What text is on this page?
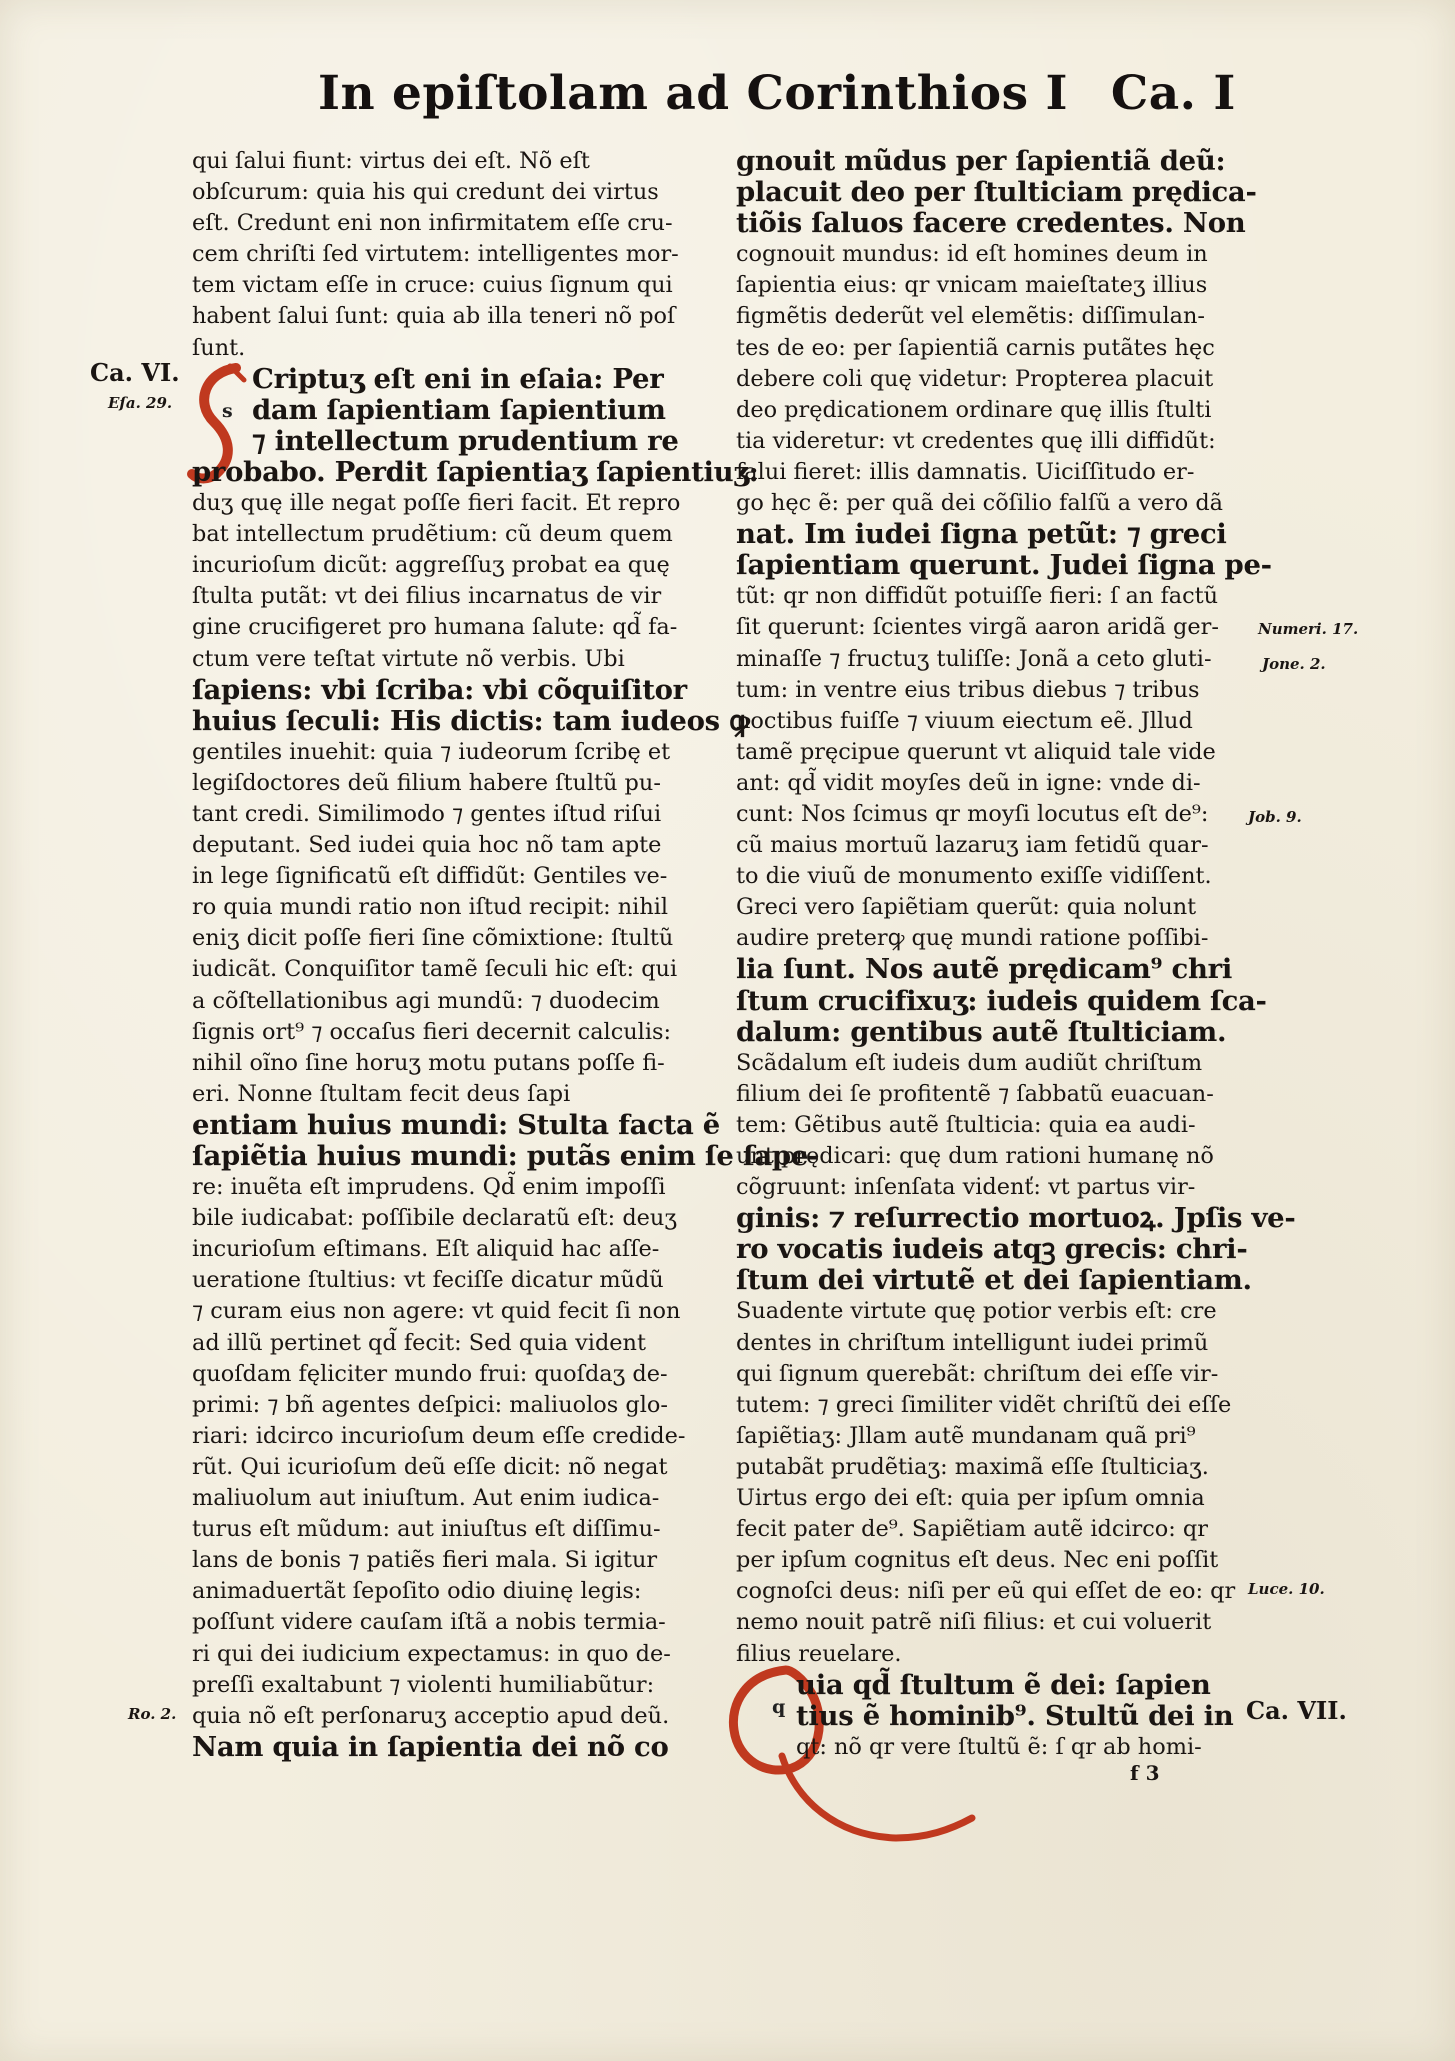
In epiſtolam ad Corinthios I Ca. I
s
q
qui ſalui fiunt: virtus dei eſt. Nõ eſt
obſcurum: quia his qui credunt dei virtus
eſt. Credunt eni non infirmitatem eſſe cru-
cem chriſti ſed virtutem: intelligentes mor-
tem victam eſſe in cruce: cuius ſignum qui
habent ſalui ſunt: quia ab illa teneri nõ poſ
ſunt.
Criptuʒ eſt eni in eſaia: Per
dam ſapientiam ſapientium
⁊ intellectum prudentium re
probabo. Perdit ſapientiaʒ ſapientiuʒ:
duʒ quę ille negat poſſe fieri facit. Et repro
bat intellectum prudẽtium: cũ deum quem
incurioſum dicũt: aggreſſuʒ probat ea quę
ſtulta putãt: vt dei filius incarnatus de vir
gine crucifigeret pro humana ſalute: qd̃ fa-
ctum vere teſtat virtute nõ verbis. Ubi
ſapiens: vbi ſcriba: vbi cõquiſitor
huius ſeculi: His dictis: tam iudeos ꝙ
gentiles inuehit: quia ⁊ iudeorum ſcribę et
legiſdoctores deũ filium habere ſtultũ pu-
tant credi. Similimodo ⁊ gentes iſtud riſui
deputant. Sed iudei quia hoc nõ tam apte
in lege ſignificatũ eſt diffidũt: Gentiles ve-
ro quia mundi ratio non iſtud recipit: nihil
eniʒ dicit poſſe fieri ſine cõmixtione: ſtultũ
iudicãt. Conquiſitor tamẽ ſeculi hic eſt: qui
a cõſtellationibus agi mundũ: ⁊ duodecim
ſignis ort⁹ ⁊ occaſus fieri decernit calculis:
nihil oĩno ſine horuʒ motu putans poſſe fi-
eri. Nonne ſtultam fecit deus ſapi
entiam huius mundi: Stulta facta ẽ
ſapiẽtia huius mundi: putãs enim ſe ſape-
re: inuẽta eſt imprudens. Qd̃ enim impoſſi
bile iudicabat: poſſibile declaratũ eſt: deuʒ
incurioſum eſtimans. Eſt aliquid hac aſſe-
ueratione ſtultius: vt feciſſe dicatur mũdũ
⁊ curam eius non agere: vt quid fecit ſi non
ad illũ pertinet qd̃ fecit: Sed quia vident
quoſdam fęliciter mundo frui: quoſdaʒ de-
primi: ⁊ bñ agentes deſpici: maliuolos glo-
riari: idcirco incurioſum deum eſſe credide-
rũt. Qui icurioſum deũ eſſe dicit: nõ negat
maliuolum aut iniuſtum. Aut enim iudica-
turus eſt mũdum: aut iniuſtus eſt diſſimu-
lans de bonis ⁊ patiẽs fieri mala. Si igitur
animaduertãt ſepoſito odio diuinę legis:
poſſunt videre cauſam iſtã a nobis termia-
ri qui dei iudicium expectamus: in quo de-
preſſi exaltabunt ⁊ violenti humiliabũtur:
quia nõ eſt perſonaruʒ acceptio apud deũ.
Nam quia in ſapientia dei nõ co
gnouit mũdus per ſapientiã deũ:
placuit deo per ſtulticiam prędica-
tiõis ſaluos facere credentes. Non
cognouit mundus: id eſt homines deum in
ſapientia eius: qr vnicam maieſtateʒ illius
figmẽtis dederũt vel elemẽtis: diſſimulan-
tes de eo: per ſapientiã carnis putãtes hęc
debere coli quę videtur: Propterea placuit
deo prędicationem ordinare quę illis ſtulti
tia videretur: vt credentes quę illi diffidũt:
ſalui fieret: illis damnatis. Uiciſſitudo er-
go hęc ẽ: per quã dei cõſilio falſũ a vero dã
nat. Im iudei ſigna petũt: ⁊ greci
ſapientiam querunt. Judei ſigna pe-
tũt: qr non diffidũt potuiſſe fieri: ſ an factũ
ſit querunt: ſcientes virgã aaron aridã ger-
minaſſe ⁊ fructuʒ tuliſſe: Jonã a ceto gluti-
tum: in ventre eius tribus diebus ⁊ tribus
noctibus fuiſſe ⁊ viuum eiectum eẽ. Jllud
tamẽ pręcipue querunt vt aliquid tale vide
ant: qd̃ vidit moyſes deũ in igne: vnde di-
cunt: Nos ſcimus qr moyſi locutus eſt de⁹:
cũ maius mortuũ lazaruʒ iam fetidũ quar-
to die viuũ de monumento exiſſe vidiſſent.
Greci vero ſapiẽtiam querũt: quia nolunt
audire preterꝙ quę mundi ratione poſſibi-
lia ſunt. Nos autẽ prędicam⁹ chri
ſtum crucifixuʒ: iudeis quidem ſca-
dalum: gentibus autẽ ſtulticiam.
Scãdalum eſt iudeis dum audiũt chriſtum
filium dei ſe profitentẽ ⁊ ſabbatũ euacuan-
tem: Gẽtibus autẽ ſtulticia: quia ea audi-
unt prędicari: quę dum rationi humanę nõ
cõgruunt: inſenſata videnť: vt partus vir-
ginis: ⁊ reſurrectio mortuoꝝ. Jpſis ve-
ro vocatis iudeis atqꝫ grecis: chri-
ſtum dei virtutẽ et dei ſapientiam.
Suadente virtute quę potior verbis eſt: cre
dentes in chriſtum intelligunt iudei primũ
qui ſignum querebãt: chriſtum dei eſſe vir-
tutem: ⁊ greci ſimiliter vidẽt chriſtũ dei eſſe
ſapiẽtiaʒ: Jllam autẽ mundanam quã pri⁹
putabãt prudẽtiaʒ: maximã eſſe ſtulticiaʒ.
Uirtus ergo dei eſt: quia per ipſum omnia
fecit pater de⁹. Sapiẽtiam autẽ idcirco: qr
per ipſum cognitus eſt deus. Nec eni poſſit
cognoſci deus: niſi per eũ qui eſſet de eo: qr
nemo nouit patrẽ niſi filius: et cui voluerit
filius reuelare.
uia qd̃ ſtultum ẽ dei: ſapien
tius ẽ hominib⁹. Stultũ dei in
qt: nõ qr vere ſtultũ ẽ: ſ qr ab homi-
Ca. VI.
Eſa. 29.
Numeri. 17.
Jone. 2.
Job. 9.
Luce. 10.
Ro. 2.	Ca. VII.
f 3
